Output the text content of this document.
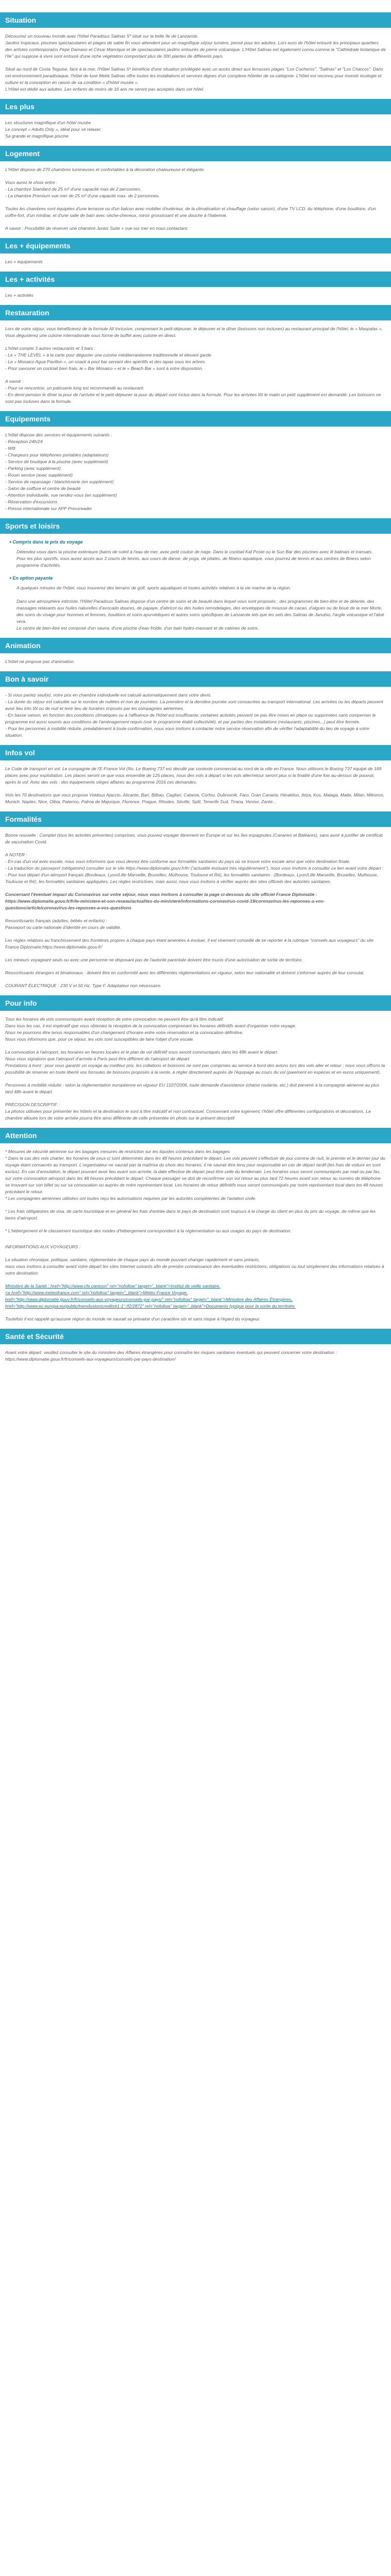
Situation

Découvrez un nouveau monde avec l'hôtel Paradisus Salinas 5* situé sur la belle île de Lanzarote.
Jardins tropicaux, piscines spectaculaires et plages de sable fin vous attendent pour un magnifique séjour lumière, pensé pour les adultes. Lors euro de l'hôtel entouré les principaux quartiers des artistes contemporains Pepe Damaso et César Manrique et de spectaculaires jardins entourés de pierre volcanique. L'Hôtel Salinas est également connu comme la "Cathédrale botanique de l'île" qui suppose à vivre sont entouré d'une riche végétation comportant plus de 300 plantes de différents pays.

Situé au nord de Costa Teguise, face à la mer, l'Hôtel Salinas 5* bénéficie d'une situation privilégiée avec un accès direct aux terrasses plages "Los Cocheros", "Salinas" et "Los Charcos". Dans cet environnement paradisiaque, l'hôtel de luxe Meliá Salinas offre toutes les installations et services dignes d'un complexe hôtelier de sa catégorie. L'hôtel est reconnu pour investir écologie et culture et la conception en raison de sa condition « d'hôtel musée ».
L'Hôtel est dédié aux adultes. Les enfants de moins de 16 ans ne seront pas acceptés dans cet hôtel.

Les plus

Les structures magnifique d'un hôtel musée
Le concept « Adults Only », idéal pour se relaxer
Sa grande et magnifique piscine

Logement

L'Hôtel dispose de 270 chambres lumineuses et confortables à la décoration chaleureuse et élégante.

Vous aurez le choix entre :
- La chambre Standard de 25 m² d'une capacité max de 2 personnes.
- La chambre Premium vue mer de 25 m² d'une capacité max. de 2 personnes.

Toutes les chambres sont équipées d'une terrasse ou d'un balcon avec mobilier d'extérieur, de la climatisation et chauffage (selon saison), d'une TV LCD, du téléphone, d'une bouilloire, d'un coffre-fort, d'un minibar, et d'une salle de bain avec sèche-cheveux, miroir grossissant et une douche à l'italienne.

A savoir : Possibilité de réserver une chambre Junior Suite + vue sur mer en nous contactant.

Les + équipements

Les + équipements

Les + activités

Les + activités

Restauration

Lors de votre séjour, vous bénéficierez de la formule All Inclusive, comprenant le petit-déjeuner, le déjeuner et le dîner (boissons non incluses) au restaurant principal de l'hôtel, le « Maspalas », Vous dégusterez une cuisine internationale sous forme de buffet avec cuisine en direct.

L'hôtel compte 3 autres restaurants et 3 bars :
- Le « THE LEVEL » à la carte pour déguster une cuisine méditerranéenne traditionnelle et élevant garde.
- Le « Mosaico Agua Pavillon », un snack à pool bar servant des apéritifs et des tapas sous les arbres.
- Pour savourer un cocktail bien frais, le « Bar Mosaico » et le « Beach Bar » sont à votre disposition.

A savoir :
- Pour se rencontrer, un patisserie long est recommandé au restaurant.
- En demi-pension le dîner la pour de l'arrivée et le petit-déjeuner la pour du départ sont inclus dans la formule. Pour les arrivées tôt le matin un petit supplément est demandé. Les boissons ne sont pas incluses dans la formule.

Equipements

L'hôtel dispose des services et équipements suivants :
- Réception 24h/24
- Wifi
- Chargeurs pour téléphones portables (adaptateurs)
- Service de boutique à la piscine (avec supplément)
- Parking (avec supplément)
- Room service (avec supplément)
- Service de repassage / blanchisserie (en supplément)
- Salon de coiffure et centre de beauté
- Attention individuelle, vue rendez-vous (en supplément)
- Réservation d'excursions
- Presse internationale sur APP Pressreader

Sports et loisirs
● Compris dans le prix du voyage

Détendez-vous dans la piscine extérieure (bains de soleil à l'eau de mer, avec petit couloir de nage. Dans le cocktail Kaf Poste ou le Sun Bar des piscines avec lit balinais et transats.
Pour les plus sportifs, vous aurez accès aux 3 courts de tennis, aux cours de danse, de yoga, de pilates, de fitness aquatique, vous pourrez de tennis et aux centres de fitness selon programme d'activités.

● En option payante

A quelques minutes de l'hôtel, vous trouverez des terrains de golf, sports aquatiques et toutes activités relatives à la vie marine de la région.

Dans une atmosphère intimiste, l'Hôtel Paradisus Salinas dispose d'un centre de soins et de beauté dans lequel vous sont proposés : des programmes de bien-être et de détente, des massages relaxants aux huiles naturelles d'avocado douces, de papaye, d'abricot ou des huiles remodelages, des enveloppes de mousse de cacao, d'algues ou de boue de la mer Morte, des soins du visage pour hommes et femmes, bouillons et soins ayurvédiques et autres soins spécifiques de Lanzarote tels que les sels des Salinas de Janubio, l'argile volcanique et l'aloé vera.
Le centre de bien-être est composé d'un sauna, d'une piscine d'eau froide, d'un bain hydro-massant et de cabines de soins.

Animation

L'hôtel ne propose pas d'animation.

Bon à savoir

- Si vous partez seul(e), votre prix en chambre individuelle est calculé automatiquement dans votre devis.
- La durée du séjour est calculée sur le nombre de nuitées et non de journées. La première et la dernière journée sont consacrées au transport international. Les arrivées ou les départs peuvent avoir lieu très tôt ou de nuit et tenir lieu de horaires imposés par les compagnies aériennes.
- En basse saison, en fonction des conditions climatiques ou à l'affluence de l'hôtel est insuffisante, certaines activités peuvent ne pas être mises en place ou supprimées sans compenser le programme est aussi soumis aux conditions de l'aménagement requis (voir le programme établi collectivité), et par parties des installations (restaurants, piscines...) peut être fermée.
- Pour les personnes à mobilité réduite, préalablement à toute confirmation, nous vous invitons à contacter notre service réservation afin de vérifier l'adaptabilité du lieu de voyage à votre situation.

Infos vol

Le Code de transport en vol. Le compagnie de l'E-France Vol (No. Le Boeing 737 est décollé par contexte commercial au nord de la ville en France. Nous utilisons le Boeing 737 équipé de 189 places avec pour exploitation. Les places seront ce que vous ensemble de 125 places, nous des vols à départ si les vols aller/retour seront plus si la finalité d'une fois au-dessus de pouvoir, après le vol. Avec des vols : des équipements sièges affaires au programme 2016 ces demandes.

Vols les 70 destinations que vous propose Voldoux Ajaccio, Alicante, Bari, Bilbao, Cagliari, Catania, Corfou, Dubrovnik, Faro, Gran Canaria, Héraklion, Ibiza, Kos, Malaga, Malte, Milan, Mikonos, Munich, Naples, Nice, Olbia, Palermo, Palma de Majorque, Florence, Prague, Rhodes, Séville, Split, Tenerife Sud, Tirana, Venise, Zante...

Formalités

Bonne nouvelle : Complet (tous les activités présentes) comprises, vous pouvez voyager librement en Europe et sur les îles espagnoles (Canaries et Baléares), sans avoir à justifier de certificat de vaccination Covid.

A NOTER :
- En cas d'un vol avec escale, nous vous informons que vous devrez être conforme aux formalités sanitaires du pays où se trouve votre escale ainsi que votre destination finale.
- La traduction du passeport (obligatoire) consulter sur le site https://www.diplomatie.gouv.fr/fr/ ("actualité évoluant très régulièrement"), nous vous invitons à consulter ce lien avant votre départ :
- Pour tout départ d'un aéroport français (Bordeaux, Lyon/Lille Marseille, Bruxelles, Mulhouse, Toulouse et Ré), les formalités sanitaires : (Bordeaux, Lyon/Lille Marseille, Bruxelles, Mulhouse, Toulouse et Ré), les formalités sanitaires appliquées. Les règles restrictives, mais aussi, nous vous invitons à vérifier auprès des sites officiels des autorités sanitaires.

Concernant l'éventuel impact du Coronavirus sur votre séjour, nous vous invitons à consulter la page ci-dessous du site officiel France Diplomatie :
https://www.diplomatie.gouv.fr/fr/le-ministere-et-son-reseau/actualites-du-ministere/informations-coronavirus-covid-19/coronavirus-les-reponses-a-vos-questions/article/coronavirus-les-reponses-a-vos-questions

Ressortissants français (adultes, bébés et enfants) :
Passeport ou carte nationale d'identité en cours de validité.

Les règles relatives au franchissement des frontières propres à chaque pays étant amenées à évoluer, il est vivement conseillé de se reporter à la rubrique "conseils aux voyageurs" du site France Diplomatie:https://www.diplomatie.gouv.fr/

Les mineurs voyageant seuls ou avec une personne ne disposant pas de l'autorité parentale doivent être munis d'une autorisation de sortie de territoire.

Ressortissants étrangers et binationaux : doivent être en conformité avec les différentes réglementations en vigueur, selon leur nationalité et doivent s'informer auprès de leur consulat.

COURANT ÉLECTRIQUE : 230 V et 50 Hz. Type F. Adaptateur non nécessaire.

Pour info

Tous les horaires de vols communiqués avant réception de votre convocation ne peuvent être qu'à titre indicatif.
Dans tous les cas, il est impératif que vous obteniez la réception de la convocation comprenant les horaires définitifs avant d'organiser votre voyage.
Nous ne pourrions être tenus responsables d'un changement d'horaire entre votre réservation et la convocation définitive.
Nous vous informons que, pour ce séjour, les vols sont susceptibles de faire l'objet d'une escale.

La convocation à l'aéroport, les horaires en heures locales et le plan de vol définitif vous seront communiqués dans les 48h avant le départ.
Nous vous signalons que l'aéroport d'arrivée à Paris peut être différent de l'aéroport de départ.
Prestations à bord : pour vous garantir un voyage au meilleur prix, les collations et boissons ne sont pas comprises au service à bord des avions lors des vols aller et retour ; nous vous offrons la possibilité de réserver en toute liberté vos formules de boissons proposés à la vente, à régler directement auprès de l'équipage au cours du vol (paiement en espèces et en euros uniquement).

Personnes à mobilité réduite : selon la réglementation européenne en vigueur EU 1107/2006, toute demande d'assistance (chaise roulante, etc.) doit parvenir à la compagnie aérienne au plus tard 48h avant le départ.

PRÉCISION DESCRIPTIF :
La photos utilisées pour présenter les hôtels et la destination le sont à titre indicatif et non contractuel. Concernant votre logement, l'hôtel offre différentes configurations et décorations. La chambre allouée lors de votre arrivée pourra être ainsi différente de celle présentée en photo sur le présent descriptif.

Attention

* Mesures de sécurité aérienne sur les bagages mesures de restriction sur les liquides contenus dans les bagages.
* Dans la cas des vols charter, les horaires de ceux-ci sont déterminés dans les 48 heures précédant le départ. Les vols peuvent s'effectuer de jour comme de nuit, le premier et le dernier jour du voyage étant consacrés au transport. L'organisateur ne saurait pas la maîtrise du choix des horaires, il ne saurait être tenu pour responsable en cas de départ tardif (les frais de voiture en sont exclus). En cas d'annulation, le départ pouvant avoir lieu avant son arrivée, la date effective de départ peut être celle du lendemain. Les horaires vous seront communiqués par mail ou par fax, sur votre convocation aéroport dans les 48 heures précédant le départ. Chaque passager se doit de reconfirmer son vol retour au plus tard 72 heures avant son retour au numéro de téléphone se trouvant sur son billet ou sur sa convocation ou auprès de notre représentant local. Les horaires de retour définitifs vous seront communiqués par notre représentant local dans les 48 heures précédant le retour.
* Les compagnies aériennes utilisées ont toutes reçu les autorisations requises par les autorités compétentes de l'aviation civile.

* Les frais obligatoires de visa, de carte touristique et en général les frais d'entrée dans le pays de destination sont toujours à la charge du client en plus du prix du voyage, de même que les taxes d'aéroport.

* L'hébergement et le classement touristique des modes d'hébergement correspondent à la réglementation ou aux usages du pays de destination.

INFORMATIONS AUX VOYAGEURS :

La situation chronique, politique, sanitaire, réglementaire de chaque pays du monde pouvant changer rapidement et sans préavis,
nous vous invitons à consulter avant votre départ les sites Internet suivants afin de prendre connaissance des éventuelles restrictions, obligations ou tout simplement des informations relatives à votre destination.

Ministère de la Santé : href="http://www.cfe.cantoon" rel="nofollow" target="_blank">Institut de veille sanitaire,
<a href="http://www.meteofrance.com" rel="nofollow" target="_blank">Météo-France Voyage,
href="http://www.diplomatie.gouv.fr/fr/conseils-aux-voyageurs/conseils-par-pays/" rel="nofollow" target="_blank">Ministère des Affaires Étrangères, href="http://www.ec.europa.eu/public/transfusion/credits#1-1" /f2/2872" rel="nofollow" target="_blank">Documents typique pour la sortie du territoire.

Toutefois il est rappelé qu'aucune région du monde ne saurait se prévaloir d'un caractère sûr et sans risque à l'égard du voyageur.

Santé et Sécurité

Avant votre départ, veuillez consulter le site du ministère des Affaires étrangères pour connaître les risques sanitaires éventuels qui peuvent concerner votre destination : https://www.diplomatie.gouv.fr/fr/conseils-aux-voyageurs/conseils-par-pays-destination/
